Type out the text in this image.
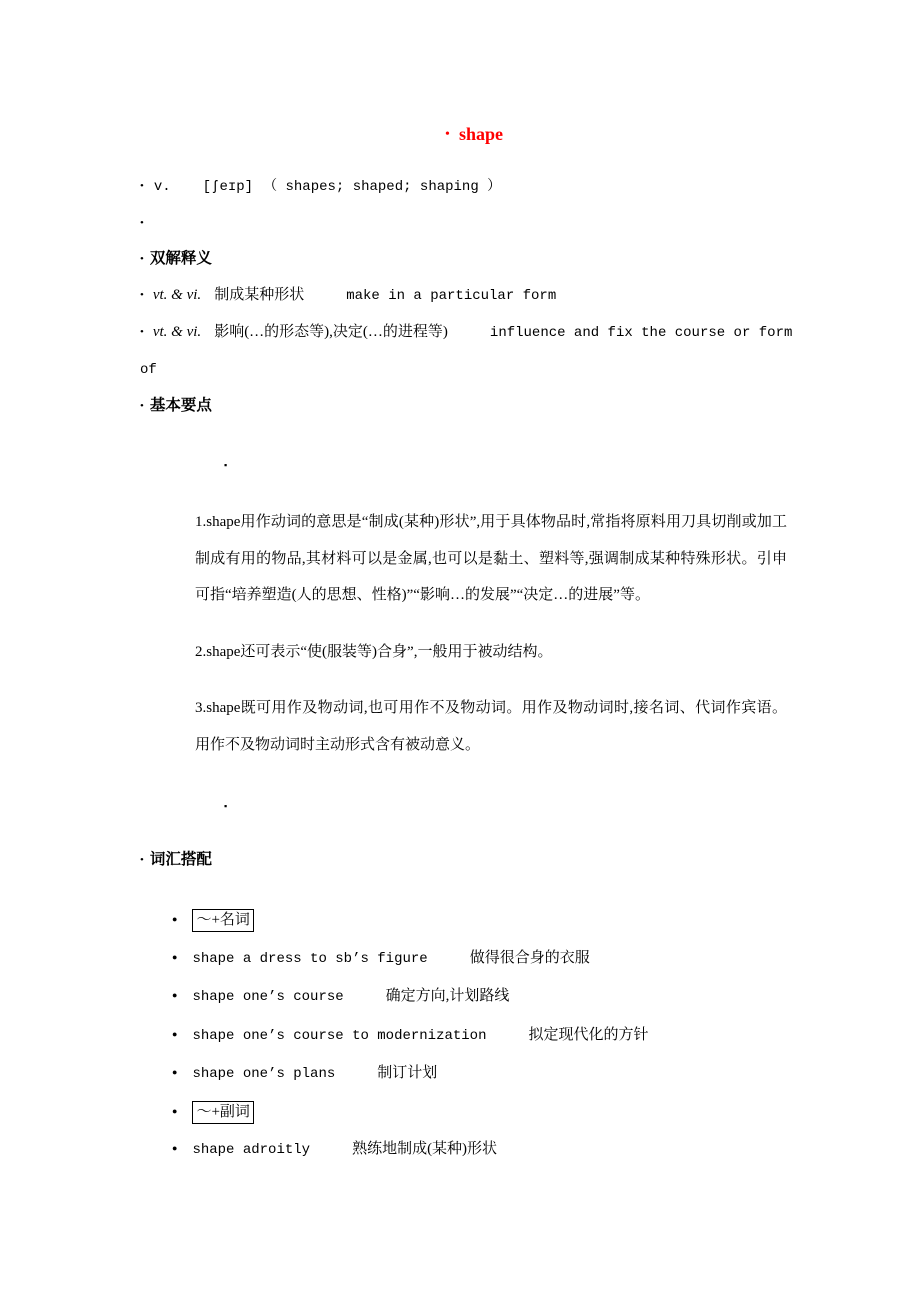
• shape
• v. [ʃeɪp] （ shapes; shaped; shaping ）
•
• 双解释义
• vt. & vi. 制成某种形状	make in a particular form
• vt. & vi. 影响(…的形态等),决定(…的进程等)	influence and fix the course or form of
• 基本要点
▪
1.shape用作动词的意思是“制成(某种)形状”,用于具体物品时,常指将原料用刀具切削或加工制成有用的物品,其材料可以是金属,也可以是黏土、塑料等,强调制成某种特殊形状。引申可指“培养塑造(人的思想、性格)”“影响…的发展”“决定…的进展”等。
2.shape还可表示“使(服装等)合身”,一般用于被动结构。
3.shape既可用作及物动词,也可用作不及物动词。用作及物动词时,接名词、代词作宾语。用作不及物动词时主动形式含有被动意义。
▪
• 词汇搭配
● ～+名词
● shape a dress to sb’s figure	做得很合身的衣服
● shape one’s course	确定方向,计划路线
● shape one’s course to modernization	拟定现代化的方针
● shape one’s plans	制订计划
● ～+副词
● shape adroitly	熟练地制成(某种)形状
